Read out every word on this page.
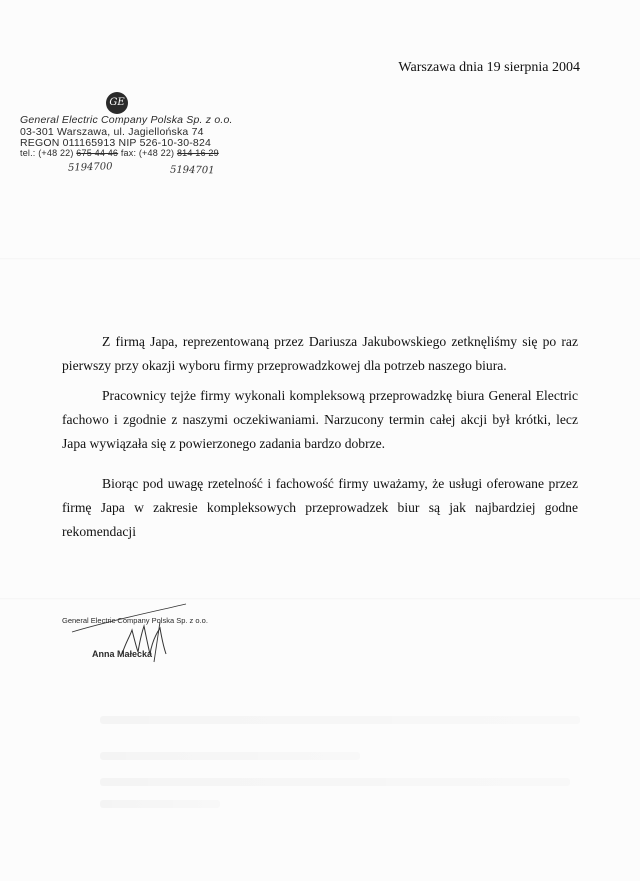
Warszawa dnia 19 sierpnia 2004
GE
General Electric Company Polska Sp. z o.o.
03-301 Warszawa, ul. Jagiellońska 74
REGON 011165913 NIP 526-10-30-824
tel.: (+48 22) 675 44 46 fax: (+48 22) 814 16 29
5194700	5194701

Z firmą Japa, reprezentowaną przez Dariusza Jakubowskiego zetknęliśmy się po raz pierwszy przy okazji wyboru firmy przeprowadzkowej dla potrzeb naszego biura.

Pracownicy tejże firmy wykonali kompleksową przeprowadzkę biura General Electric fachowo i zgodnie z naszymi oczekiwaniami. Narzucony termin całej akcji był krótki, lecz Japa wywiązała się z powierzonego zadania bardzo dobrze.

Biorąc pod uwagę rzetelność i fachowość firmy uważamy, że usługi oferowane przez firmę Japa w zakresie kompleksowych przeprowadzek biur są jak najbardziej godne rekomendacji

General Electric Company Polska Sp. z o.o.
Anna Małecka
